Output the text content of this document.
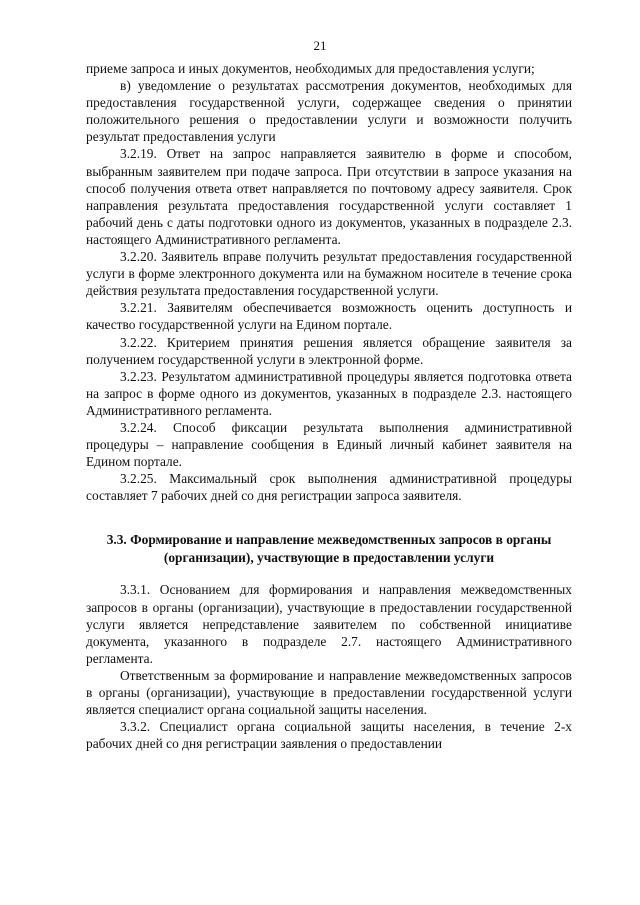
21

приеме запроса и иных документов, необходимых для предоставления услуги;

в) уведомление о результатах рассмотрения документов, необходимых для предоставления государственной услуги, содержащее сведения о принятии положительного решения о предоставлении услуги и возможности получить результат предоставления услуги

3.2.19. Ответ на запрос направляется заявителю в форме и способом, выбранным заявителем при подаче запроса. При отсутствии в запросе указания на способ получения ответа ответ направляется по почтовому адресу заявителя. Срок направления результата предоставления государственной услуги составляет 1 рабочий день с даты подготовки одного из документов, указанных в подразделе 2.3. настоящего Административного регламента.

3.2.20. Заявитель вправе получить результат предоставления государственной услуги в форме электронного документа или на бумажном носителе в течение срока действия результата предоставления государственной услуги.

3.2.21. Заявителям обеспечивается возможность оценить доступность и качество государственной услуги на Едином портале.

3.2.22. Критерием принятия решения является обращение заявителя за получением государственной услуги в электронной форме.

3.2.23. Результатом административной процедуры является подготовка ответа на запрос в форме одного из документов, указанных в подразделе 2.3. настоящего Административного регламента.

3.2.24. Способ фиксации результата выполнения административной процедуры – направление сообщения в Единый личный кабинет заявителя на Едином портале.

3.2.25. Максимальный срок выполнения административной процедуры составляет 7 рабочих дней со дня регистрации запроса заявителя.

3.3. Формирование и направление межведомственных запросов в органы (организации), участвующие в предоставлении услуги

3.3.1. Основанием для формирования и направления межведомственных запросов в органы (организации), участвующие в предоставлении государственной услуги является непредставление заявителем по собственной инициативе документа, указанного в подразделе 2.7. настоящего Административного регламента.

Ответственным за формирование и направление межведомственных запросов в органы (организации), участвующие в предоставлении государственной услуги является специалист органа социальной защиты населения.

3.3.2. Специалист органа социальной защиты населения, в течение 2-х рабочих дней со дня регистрации заявления о предоставлении
